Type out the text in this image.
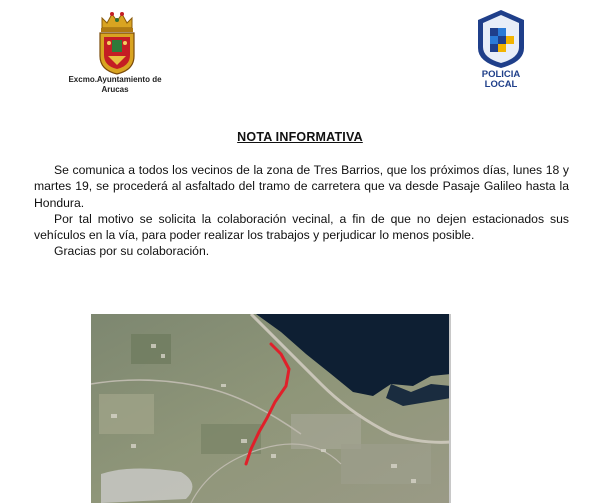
Excmo.Ayuntamiento de
Arucas
POLICIA
LOCAL
NOTA INFORMATIVA

Se comunica a todos los vecinos de la zona de Tres Barrios, que los próximos días, lunes 18 y martes 19, se procederá al asfaltado del tramo de carretera que va desde Pasaje Galileo hasta la Hondura.

Por tal motivo se solicita la colaboración vecinal, a fin de que no dejen estacionados sus vehículos en la vía, para poder realizar los trabajos y perjudicar lo menos posible.

Gracias por su colaboración.
